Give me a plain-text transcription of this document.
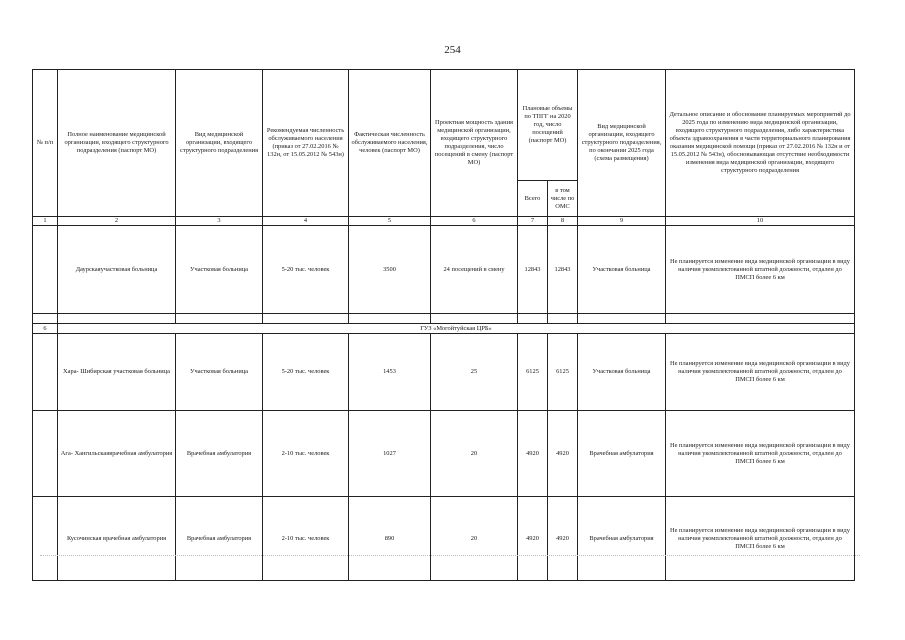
254
№ п/п	Полное наименование медицинской организации, входящего структурного подразделения (паспорт МО)	Вид медицинской организации, входящего структурного подразделения	Рекомендуемая численность обслуживаемого населения (приказ от 27.02.2016 № 132н, от 15.05.2012 № 543н)	Фактическая численность обслуживаемого населения, человек (паспорт МО)	Проектная мощность здания медицинской организации, входящего структурного подразделения, число посещений в смену (паспорт МО)	Плановые объемы по ТПГГ на 2020 год, число посещений (паспорт МО)		Вид медицинской организации, входящего структурного подразделения, по окончании 2025 года (схема размещения)	Детальное описание и обоснование планируемых мероприятий до 2025 года по изменению вида медицинской организации, входящего структурного подразделения, либо характеристика объекта здравоохранения в части территориального планирования оказания медицинской помощи (приказ от 27.02.2016 № 132н и от 15.05.2012 № 543н), обосновывающая отсутствие необходимости изменения вида медицинской организации, входящего структурного подразделения
						Всего	в том числе по ОМС		
1	2	3	4	5	6	7	8	9	10
	Даурскаяучастковая больница	Участковая больница	5-20 тыс. человек	3500	24 посещений в смену	12843	12843	Участковая больница	Не планируется изменение вида медицинской организации в виду наличия укомплектованной штатной должности, отдален до ПМСП более 6 км

6	ГУЗ «Могойтуйская ЦРБ»								
	Хара- Шибирская участковая больница	Участковая больница	5-20 тыс. человек	1453	25	6125	6125	Участковая больница	Не планируется изменение вида медицинской организации в виду наличия укомплектованной штатной должности, отдален до ПМСП более 6 км
	Ага- Хангильскаяврачебная амбулатория	Врачебная амбулатория	2-10 тыс. человек	1027	20	4920	4920	Врачебная амбулатория	Не планируется изменение вида медицинской организации в виду наличия укомплектованной штатной должности, отдален до ПМСП более 6 км
	Кусочинская врачебная амбулатория	Врачебная амбулатория	2-10 тыс. человек	890	20	4920	4920	Врачебная амбулатория	Не планируется изменение вида медицинской организации в виду наличия укомплектованной штатной должности, отдален до ПМСП более 6 км
